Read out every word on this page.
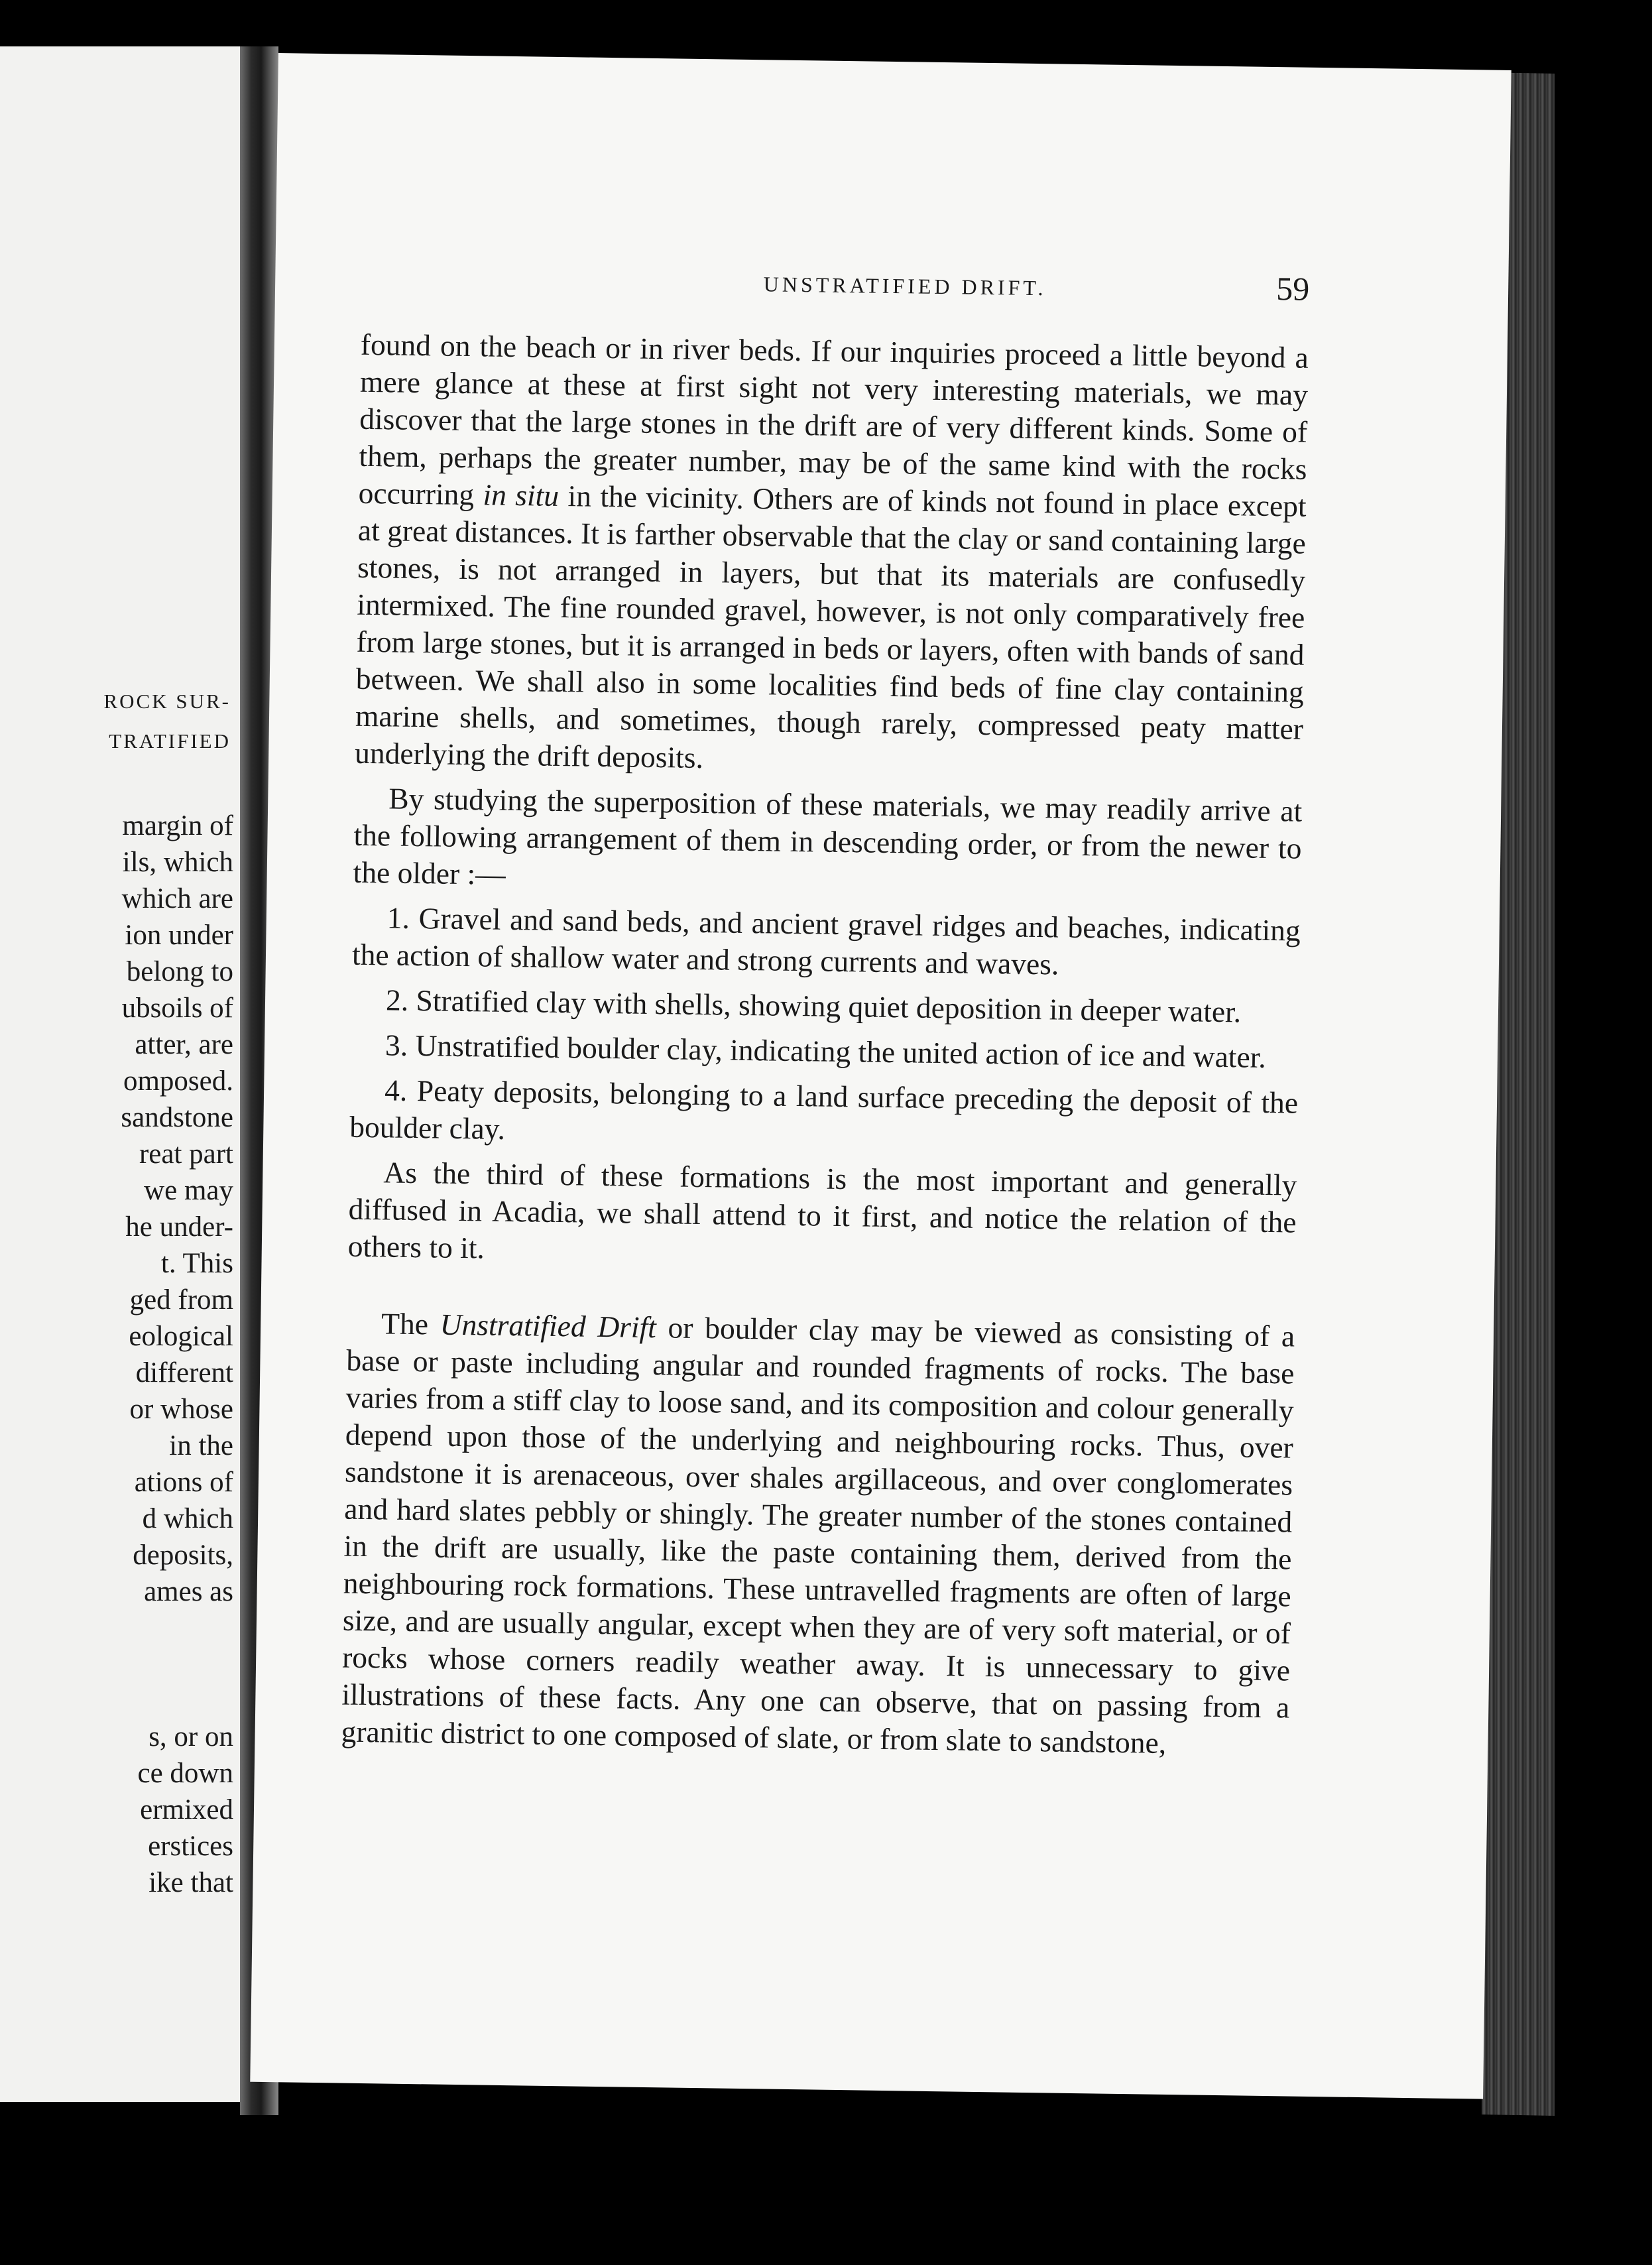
ROCK SUR-
TRATIFIED
margin of
ils, which
which are
ion under
belong to
ubsoils of
atter, are
omposed.
sandstone
reat part
we may
he under-
t. This
ged from
eological
different
or whose
in the
ations of
d which
deposits,
ames as
s, or on
ce down
ermixed
erstices
ike that
UNSTRATIFIED DRIFT.	59

found on the beach or in river beds. If our inquiries proceed a little beyond a mere glance at these at first sight not very interesting materials, we may discover that the large stones in the drift are of very different kinds. Some of them, perhaps the greater number, may be of the same kind with the rocks occurring in situ in the vicinity. Others are of kinds not found in place except at great distances. It is farther observable that the clay or sand containing large stones, is not arranged in layers, but that its materials are confusedly intermixed. The fine rounded gravel, however, is not only comparatively free from large stones, but it is arranged in beds or layers, often with bands of sand between. We shall also in some localities find beds of fine clay containing marine shells, and sometimes, though rarely, compressed peaty matter underlying the drift deposits.

By studying the superposition of these materials, we may readily arrive at the following arrangement of them in descending order, or from the newer to the older :—

1. Gravel and sand beds, and ancient gravel ridges and beaches, indicating the action of shallow water and strong currents and waves.

2. Stratified clay with shells, showing quiet deposition in deeper water.

3. Unstratified boulder clay, indicating the united action of ice and water.

4. Peaty deposits, belonging to a land surface preceding the deposit of the boulder clay.

As the third of these formations is the most important and generally diffused in Acadia, we shall attend to it first, and notice the relation of the others to it.

The Unstratified Drift or boulder clay may be viewed as consisting of a base or paste including angular and rounded fragments of rocks. The base varies from a stiff clay to loose sand, and its composition and colour generally depend upon those of the underlying and neighbouring rocks. Thus, over sandstone it is arenaceous, over shales argillaceous, and over conglomerates and hard slates pebbly or shingly. The greater number of the stones contained in the drift are usually, like the paste containing them, derived from the neighbouring rock formations. These untravelled fragments are often of large size, and are usually angular, except when they are of very soft material, or of rocks whose corners readily weather away. It is unnecessary to give illustrations of these facts. Any one can observe, that on passing from a granitic district to one composed of slate, or from slate to sandstone,
